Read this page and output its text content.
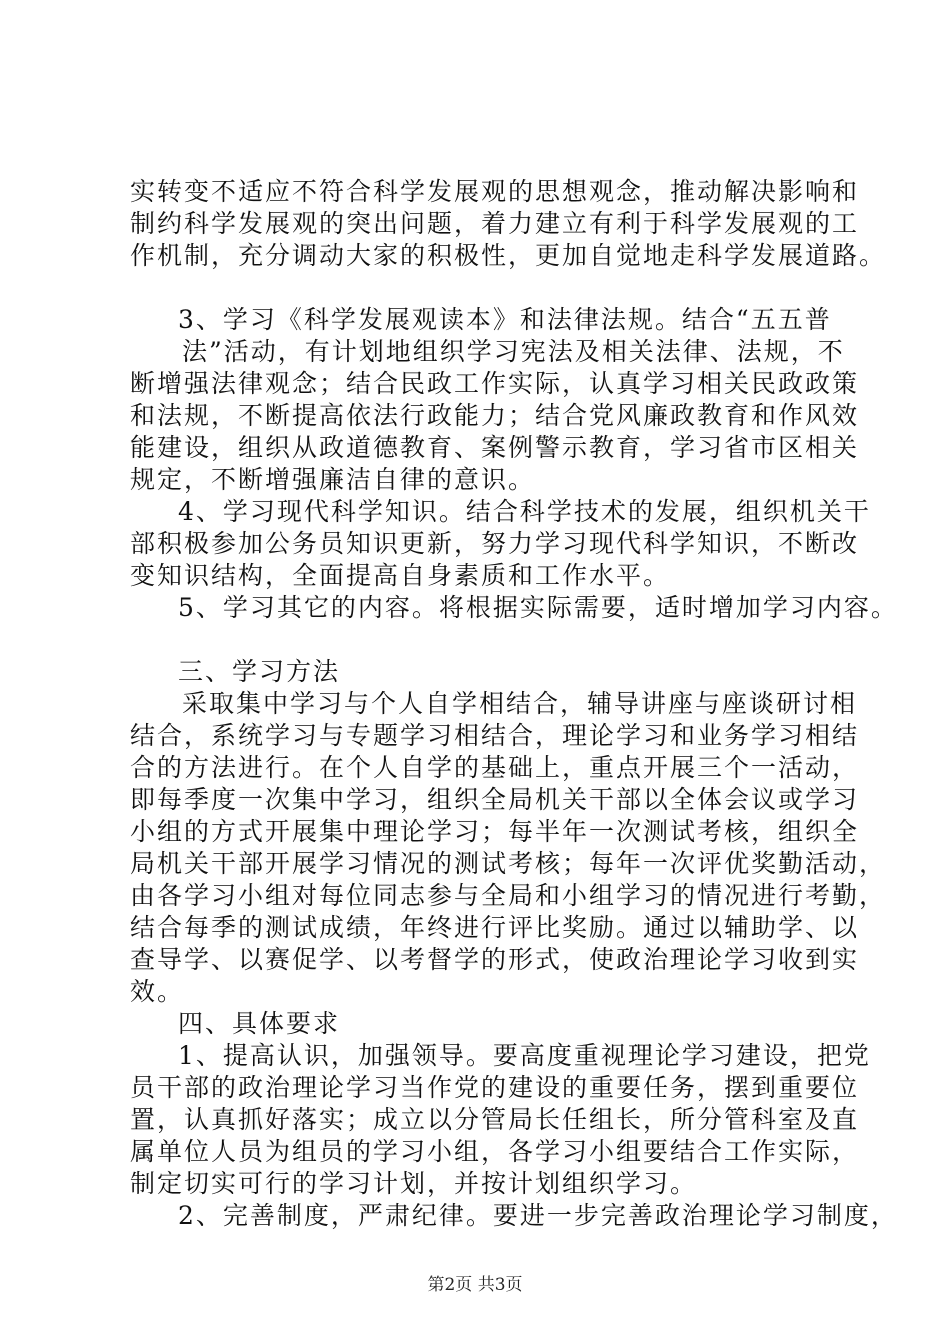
实转变不适应不符合科学发展观的思想观念，推动解决影响和
制约科学发展观的突出问题，着力建立有利于科学发展观的工
作机制，充分调动大家的积极性，更加自觉地走科学发展道路。
3、学习《科学发展观读本》和法律法规。结合“五五普
法”活动，有计划地组织学习宪法及相关法律、法规，不
断增强法律观念；结合民政工作实际，认真学习相关民政政策
和法规，不断提高依法行政能力；结合党风廉政教育和作风效
能建设，组织从政道德教育、案例警示教育，学习省市区相关
规定，不断增强廉洁自律的意识。
4、学习现代科学知识。结合科学技术的发展，组织机关干
部积极参加公务员知识更新，努力学习现代科学知识，不断改
变知识结构，全面提高自身素质和工作水平。
5、学习其它的内容。将根据实际需要，适时增加学习内容。
三、学习方法
采取集中学习与个人自学相结合，辅导讲座与座谈研讨相
结合，系统学习与专题学习相结合，理论学习和业务学习相结
合的方法进行。在个人自学的基础上，重点开展三个一活动，
即每季度一次集中学习，组织全局机关干部以全体会议或学习
小组的方式开展集中理论学习；每半年一次测试考核，组织全
局机关干部开展学习情况的测试考核；每年一次评优奖勤活动，
由各学习小组对每位同志参与全局和小组学习的情况进行考勤，
结合每季的测试成绩，年终进行评比奖励。通过以辅助学、以
查导学、以赛促学、以考督学的形式，使政治理论学习收到实
效。
四、具体要求
1、提高认识，加强领导。要高度重视理论学习建设，把党
员干部的政治理论学习当作党的建设的重要任务，摆到重要位
置，认真抓好落实；成立以分管局长任组长，所分管科室及直
属单位人员为组员的学习小组，各学习小组要结合工作实际，
制定切实可行的学习计划，并按计划组织学习。
2、完善制度，严肃纪律。要进一步完善政治理论学习制度，
第2页 共3页
